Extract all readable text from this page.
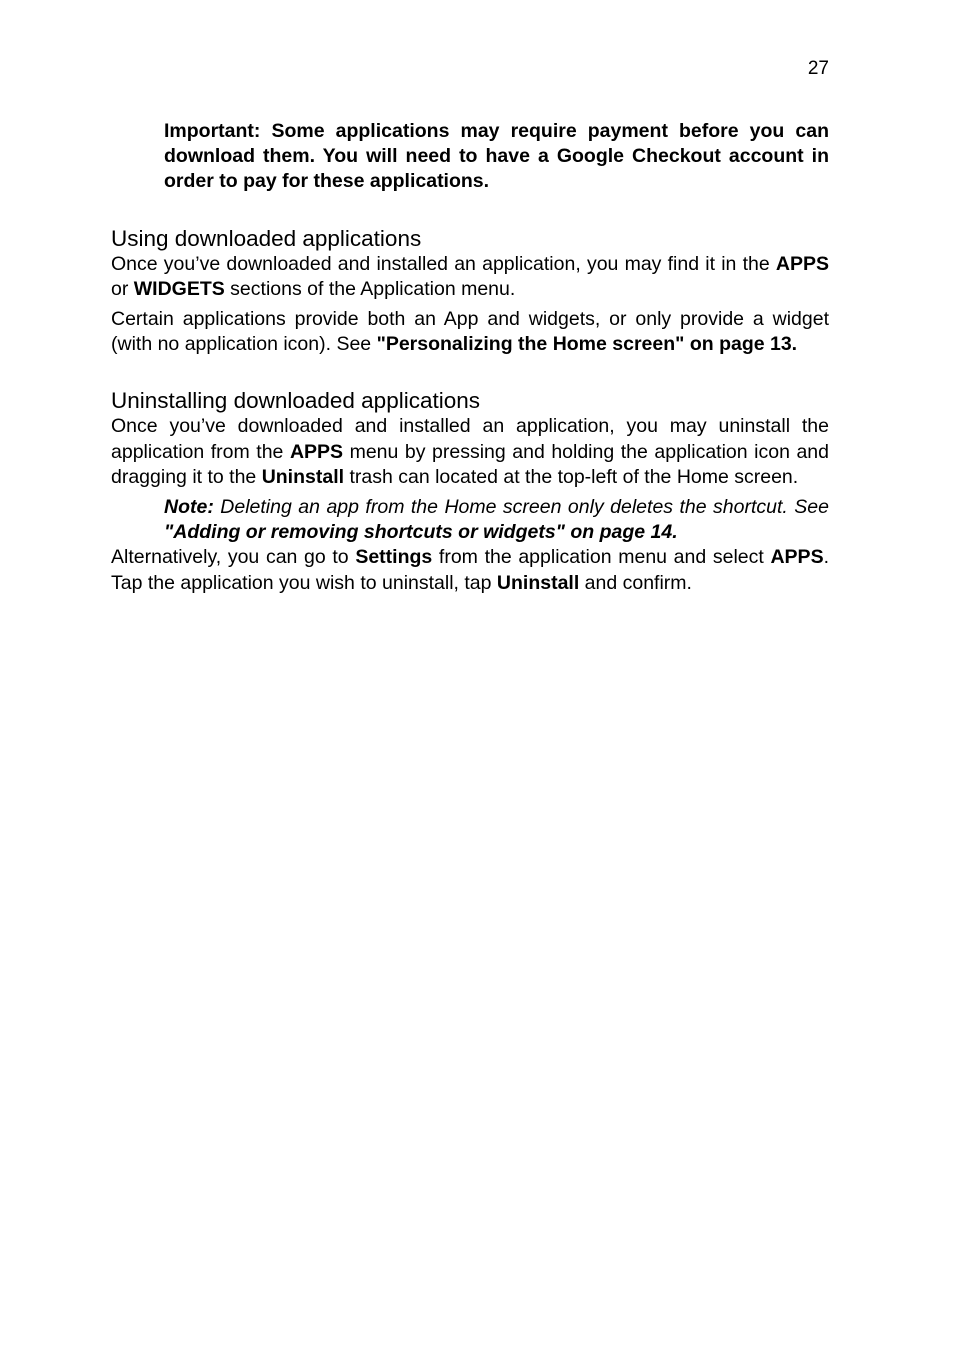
27

Important: Some applications may require payment before you can download them. You will need to have a Google Checkout account in order to pay for these applications.

Using downloaded applications

Once you’ve downloaded and installed an application, you may find it in the APPS or WIDGETS sections of the Application menu.

Certain applications provide both an App and widgets, or only provide a widget (with no application icon). See "Personalizing the Home screen" on page 13.

Uninstalling downloaded applications

Once you’ve downloaded and installed an application, you may uninstall the application from the APPS menu by pressing and holding the application icon and dragging it to the Uninstall trash can located at the top-left of the Home screen.

Note: Deleting an app from the Home screen only deletes the shortcut. See "Adding or removing shortcuts or widgets" on page 14.

Alternatively, you can go to Settings from the application menu and select APPS. Tap the application you wish to uninstall, tap Uninstall and confirm.
